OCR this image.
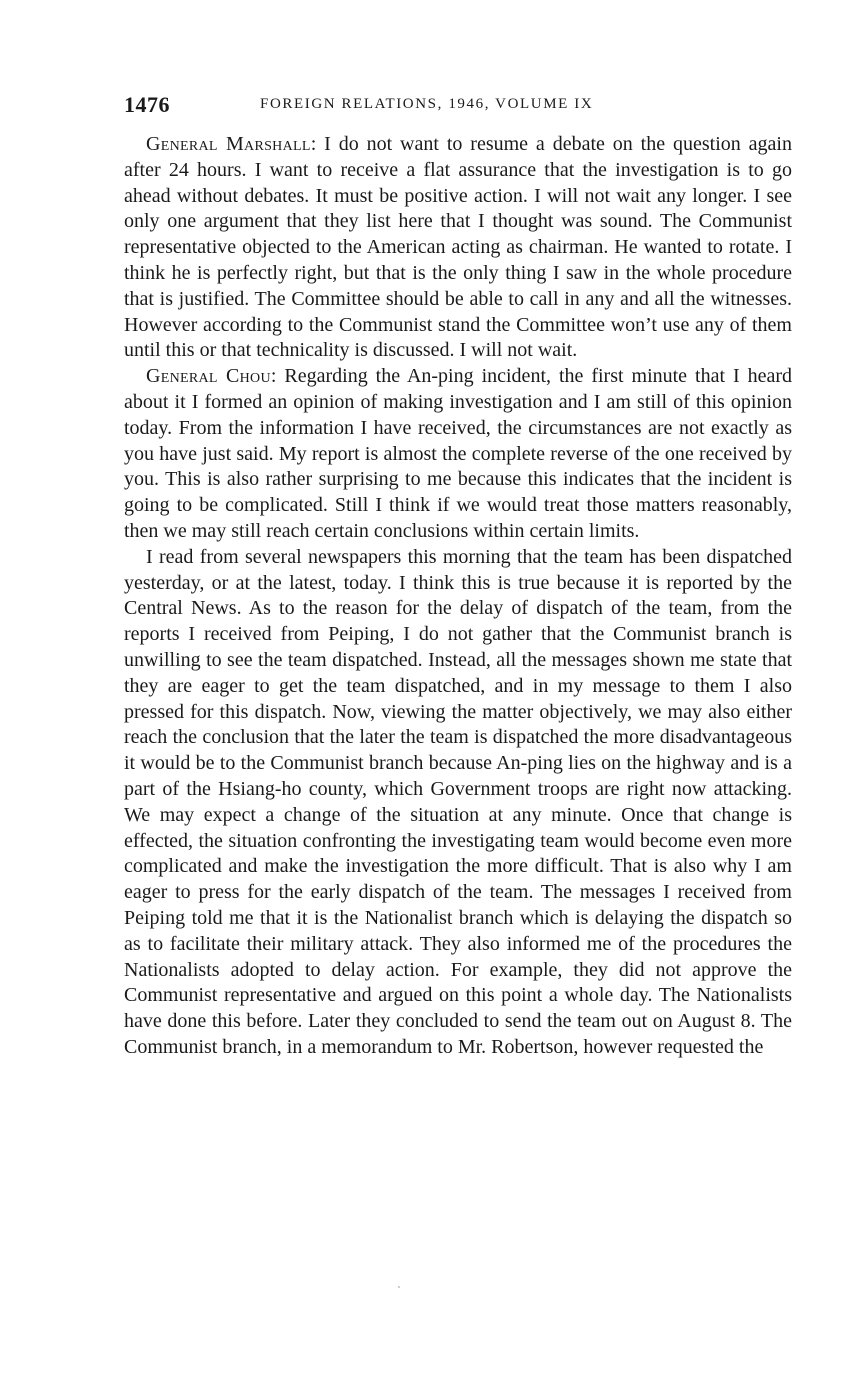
1476	FOREIGN RELATIONS, 1946, VOLUME IX

General Marshall: I do not want to resume a debate on the question again after 24 hours. I want to receive a flat assurance that the investigation is to go ahead without debates. It must be positive action. I will not wait any longer. I see only one argument that they list here that I thought was sound. The Communist representative objected to the American acting as chairman. He wanted to rotate. I think he is perfectly right, but that is the only thing I saw in the whole procedure that is justified. The Committee should be able to call in any and all the witnesses. However according to the Communist stand the Committee won’t use any of them until this or that technicality is discussed. I will not wait.

General Chou: Regarding the An-ping incident, the first minute that I heard about it I formed an opinion of making investigation and I am still of this opinion today. From the information I have received, the circumstances are not exactly as you have just said. My report is almost the complete reverse of the one received by you. This is also rather surprising to me because this indicates that the incident is going to be complicated. Still I think if we would treat those matters reasonably, then we may still reach certain conclusions within certain limits.

I read from several newspapers this morning that the team has been dispatched yesterday, or at the latest, today. I think this is true because it is reported by the Central News. As to the reason for the delay of dispatch of the team, from the reports I received from Peiping, I do not gather that the Communist branch is unwilling to see the team dispatched. Instead, all the messages shown me state that they are eager to get the team dispatched, and in my message to them I also pressed for this dispatch. Now, viewing the matter objectively, we may also either reach the conclusion that the later the team is dispatched the more disadvantageous it would be to the Communist branch because An-ping lies on the highway and is a part of the Hsiang-ho county, which Government troops are right now attacking. We may expect a change of the situation at any minute. Once that change is effected, the situation confronting the investigating team would become even more complicated and make the investigation the more difficult. That is also why I am eager to press for the early dispatch of the team. The messages I received from Peiping told me that it is the Nationalist branch which is delaying the dispatch so as to facilitate their military attack. They also informed me of the procedures the Nationalists adopted to delay action. For example, they did not approve the Communist representative and argued on this point a whole day. The Nationalists have done this before. Later they concluded to send the team out on August 8. The Communist branch, in a memorandum to Mr. Robertson, however requested the
